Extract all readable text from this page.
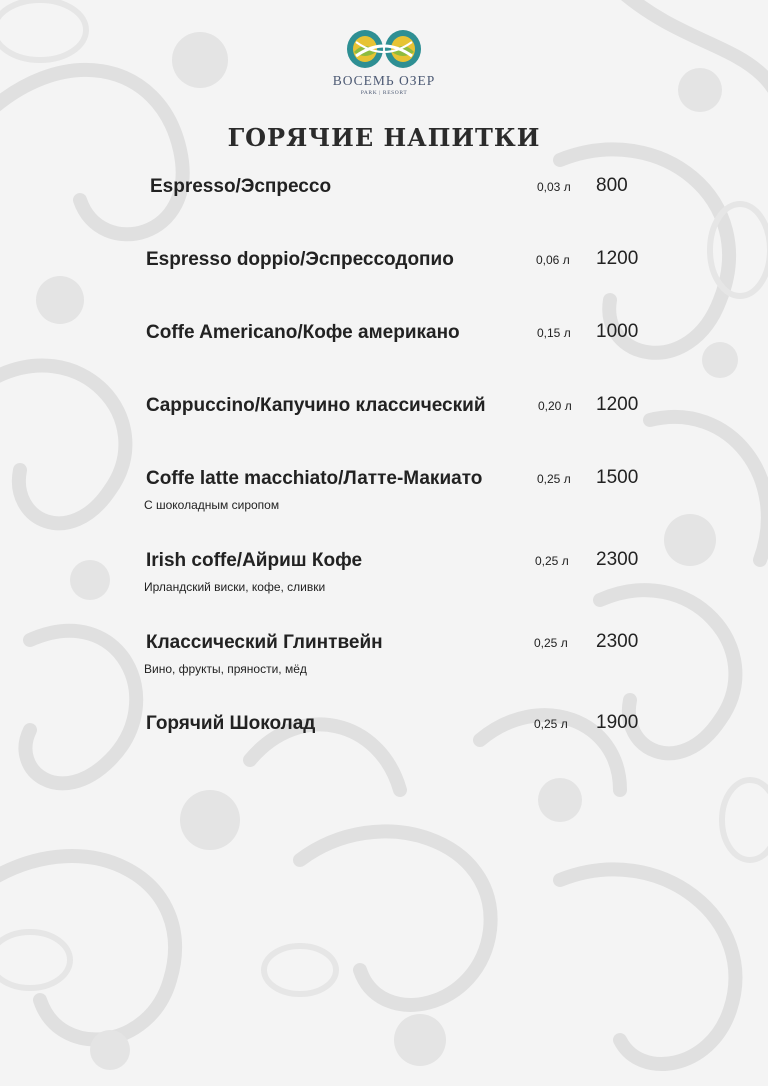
ВОСЕМЬ ОЗЕР
PARK | RESORT
ГОРЯЧИЕ НАПИТКИ
Espresso/Эспрессо	0,03 л 800
Espresso doppio/Эспрессодопио	0,06 л 1200
Coffe Americano/Кофе американо	0,15 л 1000
Cappuccino/Капучино классический	0,20 л 1200
Coffe latte macchiato/Латте-Макиато	0,25 л 1500
С шоколадным сиропом
Irish coffe/Айриш Кофе	0,25 л 2300
Ирландский виски, кофе, сливки
Классический Глинтвейн	0,25 л 2300
Вино, фрукты, пряности, мёд
Горячий Шоколад	0,25 л 1900
